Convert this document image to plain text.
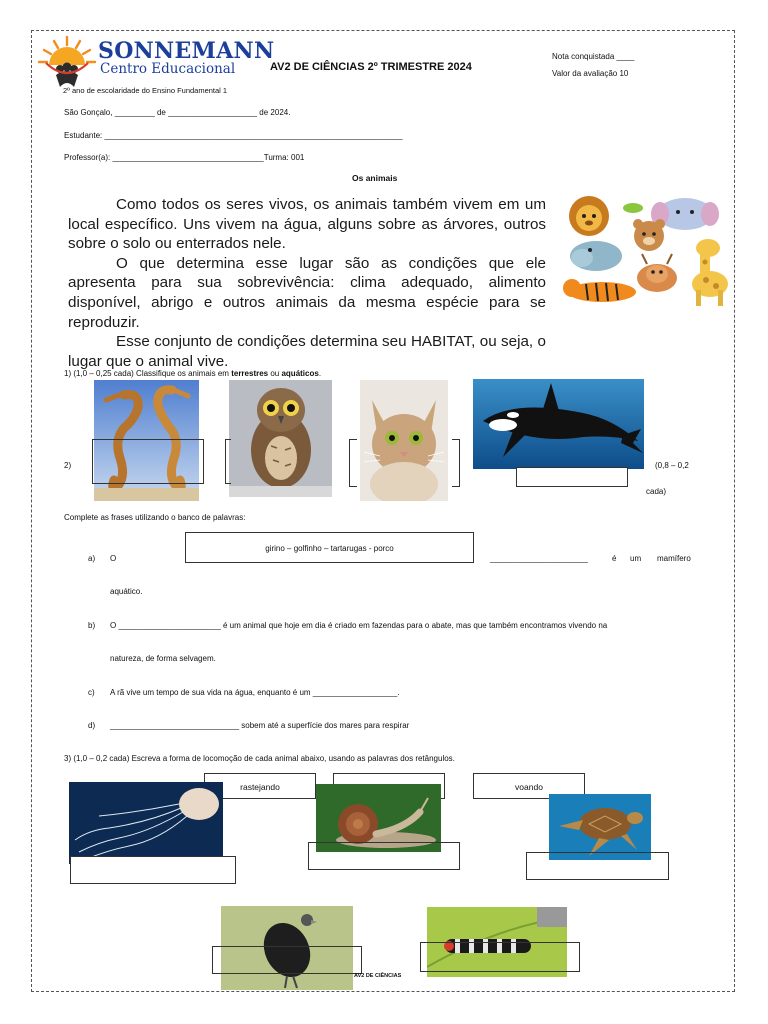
SONNEMANN
Centro Educacional
2º ano de escolaridade do Ensino Fundamental 1
AV2 DE CIÊNCIAS 2º TRIMESTRE 2024
Nota conquistada ____
Valor da avaliação 10
São Gonçalo, _________ de ____________________ de 2024.
Estudante: ___________________________________________________________________
Professor(a): __________________________________Turma: 001
Os animais

Como todos os seres vivos, os animais também vivem em um local específico. Uns vivem na água, alguns sobre as árvores, outros sobre o solo ou enterrados nele.

O que determina esse lugar são as condições que ele apresenta para sua sobrevivência: clima adequado, alimento disponível, abrigo e outros animais da mesma espécie para se reproduzir.

Esse conjunto de condições determina seu HABITAT, ou seja, o lugar que o animal vive.

1) (1,0 – 0,25 cada) Classifique os animais em terrestres ou aquáticos.
2)	(0,8 – 0,2
cada)
Complete as frases utilizando o banco de palavras:
girino – golfinho – tartarugas - porco
a) O	______________________	é um mamífero
aquático.
b) O _______________________ é um animal que hoje em dia é criado em fazendas para o abate, mas que também encontramos vivendo na
natureza, de forma selvagem.
c) A rã vive um tempo de sua vida na água, enquanto é um ___________________.
d) _____________________________ sobem até a superfície dos mares para respirar
3) (1,0 – 0,2 cada) Escreva a forma de locomoção de cada animal abaixo, usando as palavras dos retângulos.
rastejando	voando
AV2 DE CIÊNCIAS
